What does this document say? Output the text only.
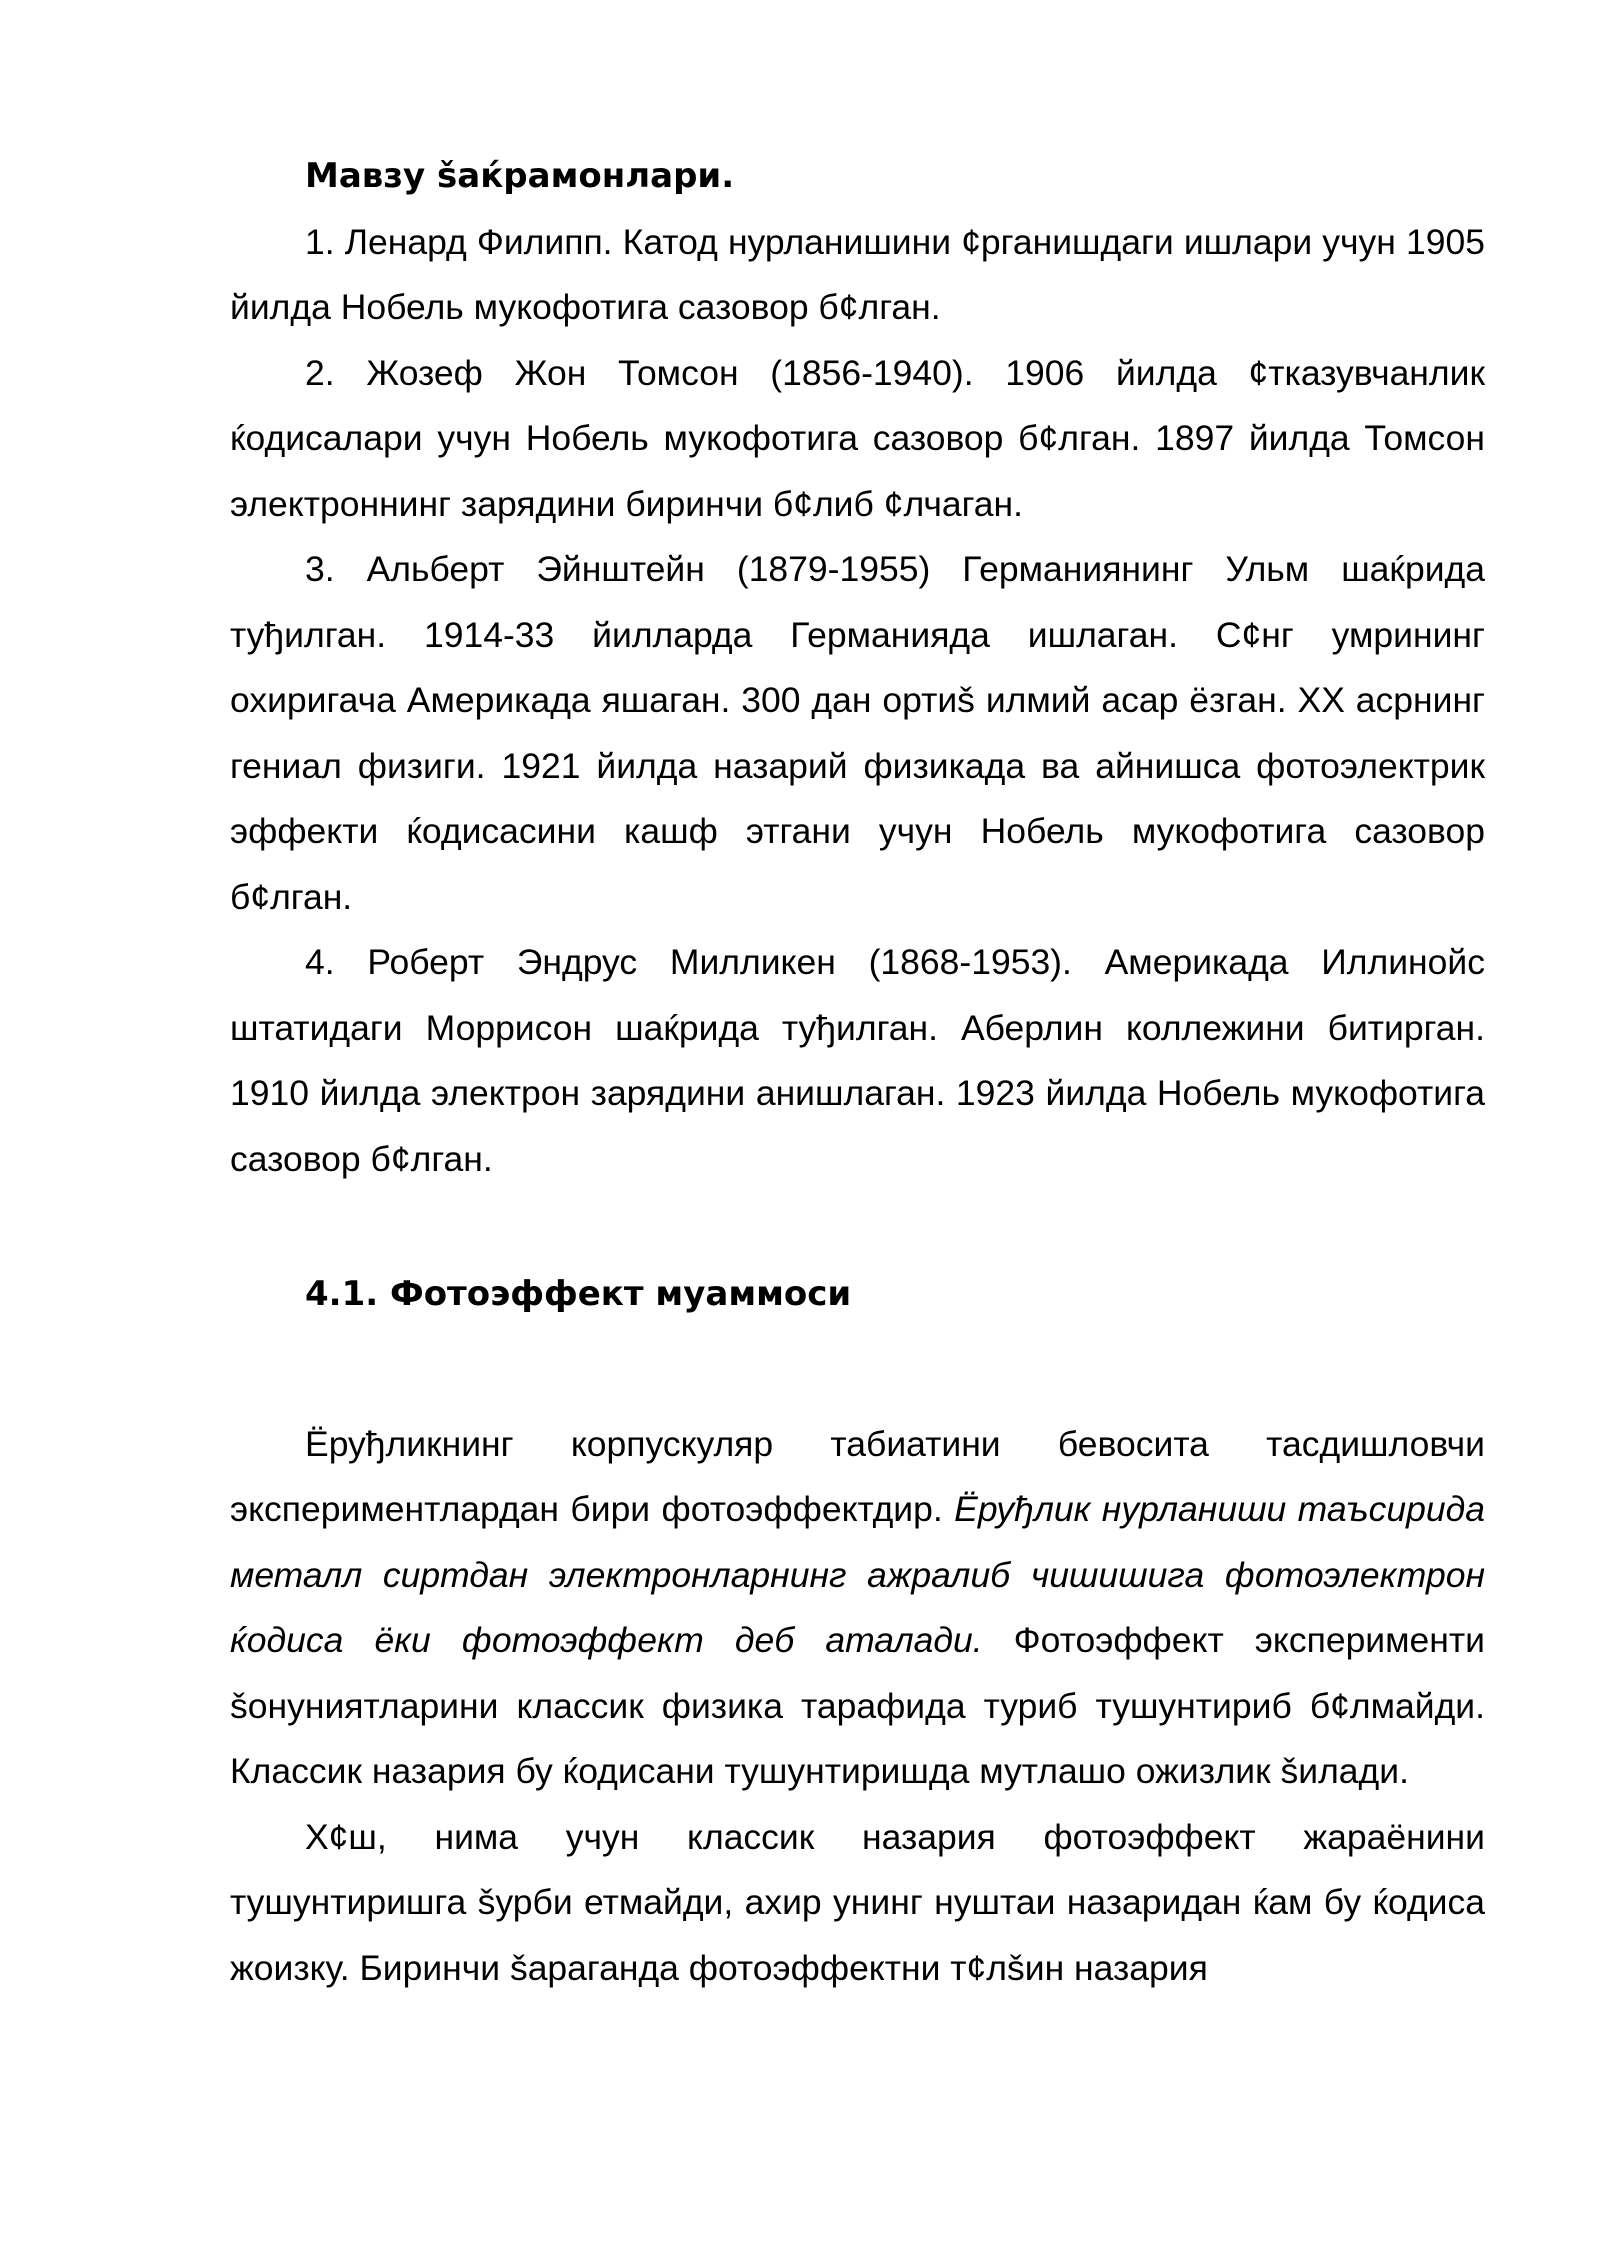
Мавзу šаќрамонлари.

1. Ленард Филипп. Катод нурланишини ¢рганишдаги ишлари учун 1905 йилда Нобель мукофотига сазовор б¢лган.

2. Жозеф Жон Томсон (1856-1940). 1906 йилда ¢тказувчанлик ќодисалари учун Нобель мукофотига сазовор б¢лган. 1897 йилда Томсон электроннинг зарядини биринчи б¢либ ¢лчаган.

3. Альберт Эйнштейн (1879-1955) Германиянинг Ульм шаќрида туђилган. 1914-33 йилларда Германияда ишлаган. С¢нг умрининг охиригача Америкада яшаган. 300 дан ортиš илмий асар ёзган. XX асрнинг гениал физиги. 1921 йилда назарий физикада ва айнишса фотоэлектрик эффекти ќодисасини кашф этгани учун Нобель мукофотига сазовор б¢лган.

4. Роберт Эндрус Милликен (1868-1953). Америкада Иллинойс штатидаги Моррисон шаќрида туђилган. Аберлин коллежини битирган. 1910 йилда электрон зарядини анишлаган. 1923 йилда Нобель мукофотига сазовор б¢лган.

4.1. Фотоэффект муаммоси

Ёруђликнинг корпускуляр табиатини бевосита тасдишловчи экспериментлардан бири фотоэффектдир. Ёруђлик нурланиши таъсирида металл сиртдан электронларнинг ажралиб чишишига фотоэлектрон ќодиса ёки фотоэффект деб аталади. Фотоэффект эксперименти šонуниятларини классик физика тарафида туриб тушунтириб б¢лмайди. Классик назария бу ќодисани тушунтиришда мутлашо ожизлик šилади.

Х¢ш, нима учун классик назария фотоэффект жараёнини тушунтиришга šурби етмайди, ахир унинг нуштаи назаридан ќам бу ќодиса жоизку. Биринчи šараганда фотоэффектни т¢лšин назария
